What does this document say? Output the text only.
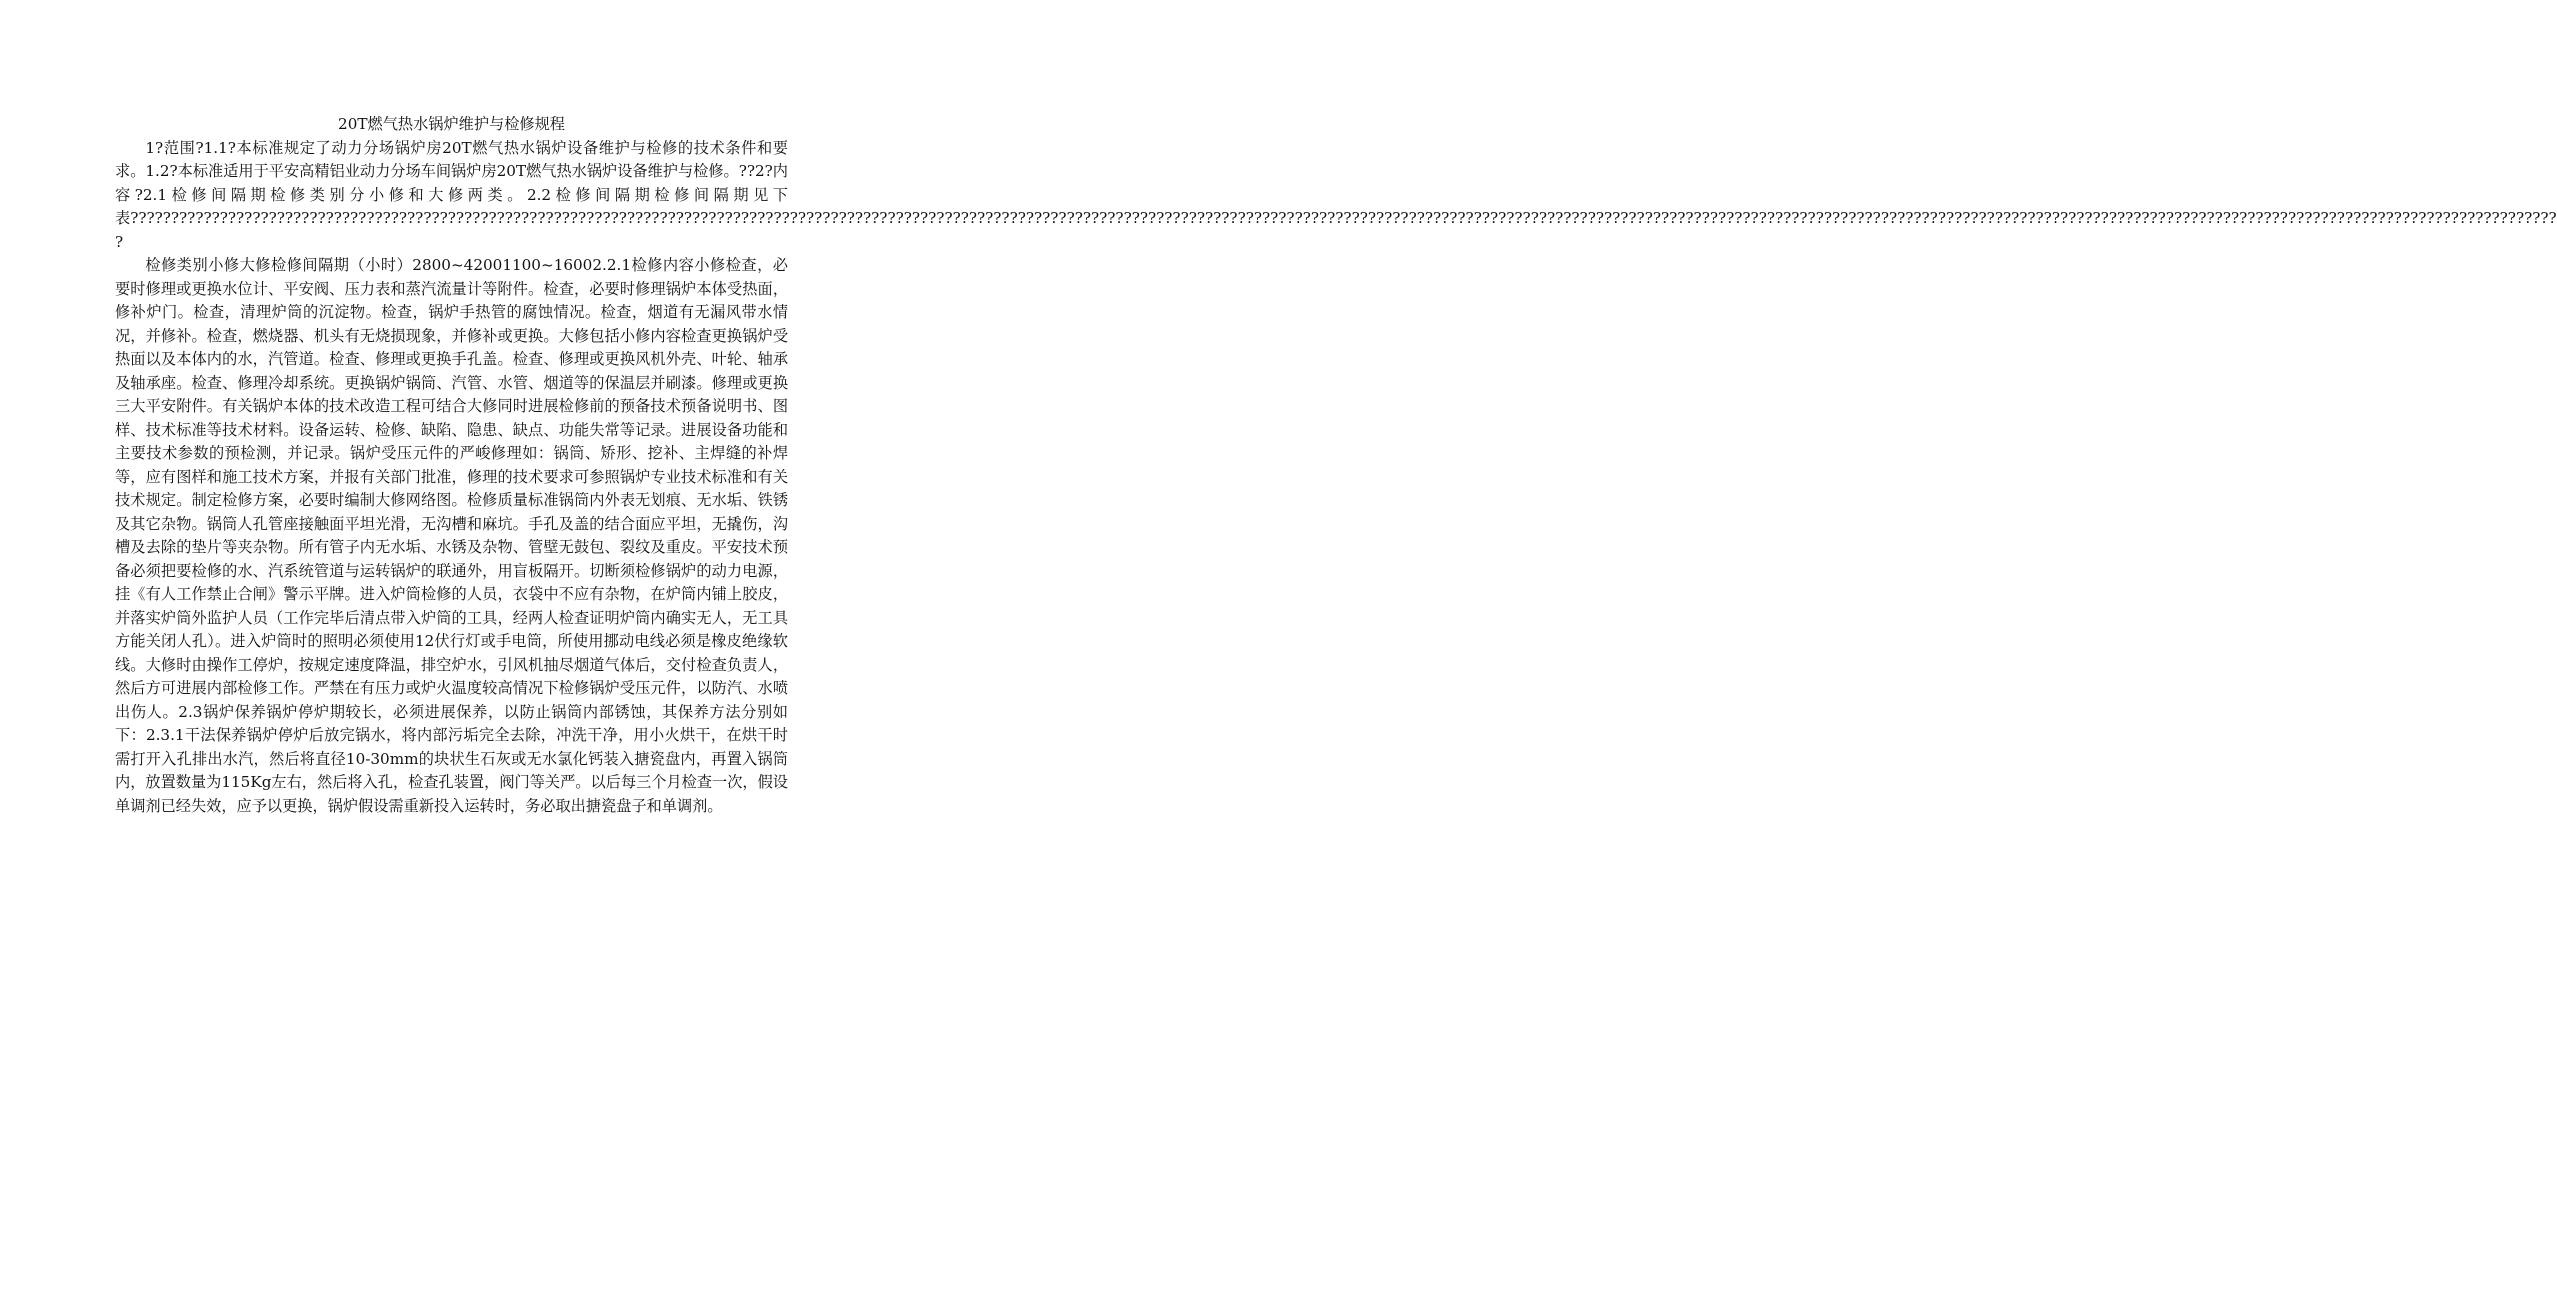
20T燃气热水锅炉维护与检修规程

1?范围?1.1?本标准规定了动力分场锅炉房20T燃气热水锅炉设备维护与检修的技术条件和要求。1.2?本标准适用于平安高精铝业动力分场车间锅炉房20T燃气热水锅炉设备维护与检修。??2?内容?2.1检修间隔期检修类别分小修和大修两类。2.2检修间隔期检修间隔期见下表?????????????????????????????????????????????????????????????????????????????????????????????????????????????????????????????????????????????????????????????????????????????????????????????????????????????????????????????????????????????????????????????????????????????????????????????????????????? ?

检修类别小修大修检修间隔期（小时）2800~42001100~16002.2.1检修内容小修检查，必要时修理或更换水位计、平安阀、压力表和蒸汽流量计等附件。检查，必要时修理锅炉本体受热面，修补炉门。检查，清理炉筒的沉淀物。检查，锅炉手热管的腐蚀情况。检查，烟道有无漏风带水情况，并修补。检查，燃烧器、机头有无烧损现象，并修补或更换。大修包括小修内容检查更换锅炉受热面以及本体内的水，汽管道。检查、修理或更换手孔盖。检查、修理或更换风机外壳、叶轮、轴承及轴承座。检查、修理冷却系统。更换锅炉锅筒、汽管、水管、烟道等的保温层并刷漆。修理或更换三大平安附件。有关锅炉本体的技术改造工程可结合大修同时进展检修前的预备技术预备说明书、图样、技术标准等技术材料。设备运转、检修、缺陷、隐患、缺点、功能失常等记录。进展设备功能和主要技术参数的预检测，并记录。锅炉受压元件的严峻修理如：锅筒、矫形、挖补、主焊缝的补焊等，应有图样和施工技术方案，并报有关部门批准，修理的技术要求可参照锅炉专业技术标准和有关技术规定。制定检修方案，必要时编制大修网络图。检修质量标准锅筒内外表无划痕、无水垢、铁锈及其它杂物。锅筒人孔管座接触面平坦光滑，无沟槽和麻坑。手孔及盖的结合面应平坦，无撬伤，沟槽及去除的垫片等夹杂物。所有管子内无水垢、水锈及杂物、管壁无鼓包、裂纹及重皮。平安技术预备必须把要检修的水、汽系统管道与运转锅炉的联通外，用盲板隔开。切断须检修锅炉的动力电源，挂《有人工作禁止合闸》警示平牌。进入炉筒检修的人员，衣袋中不应有杂物，在炉筒内铺上胶皮，并落实炉筒外监护人员（工作完毕后清点带入炉筒的工具，经两人检查证明炉筒内确实无人，无工具方能关闭人孔）。进入炉筒时的照明必须使用12伏行灯或手电筒，所使用挪动电线必须是橡皮绝缘软线。大修时由操作工停炉，按规定速度降温，排空炉水，引风机抽尽烟道气体后，交付检查负责人，然后方可进展内部检修工作。严禁在有压力或炉火温度较高情况下检修锅炉受压元件，以防汽、水喷出伤人。2.3锅炉保养锅炉停炉期较长，必须进展保养，以防止锅筒内部锈蚀，其保养方法分别如下：2.3.1干法保养锅炉停炉后放完锅水，将内部污垢完全去除，冲洗干净，用小火烘干，在烘干时需打开入孔排出水汽，然后将直径10-30mm的块状生石灰或无水氯化钙装入搪瓷盘内，再置入锅筒内，放置数量为115Kg左右，然后将入孔，检查孔装置，阀门等关严。以后每三个月检查一次，假设单调剂已经失效，应予以更换，锅炉假设需重新投入运转时，务必取出搪瓷盘子和单调剂。
